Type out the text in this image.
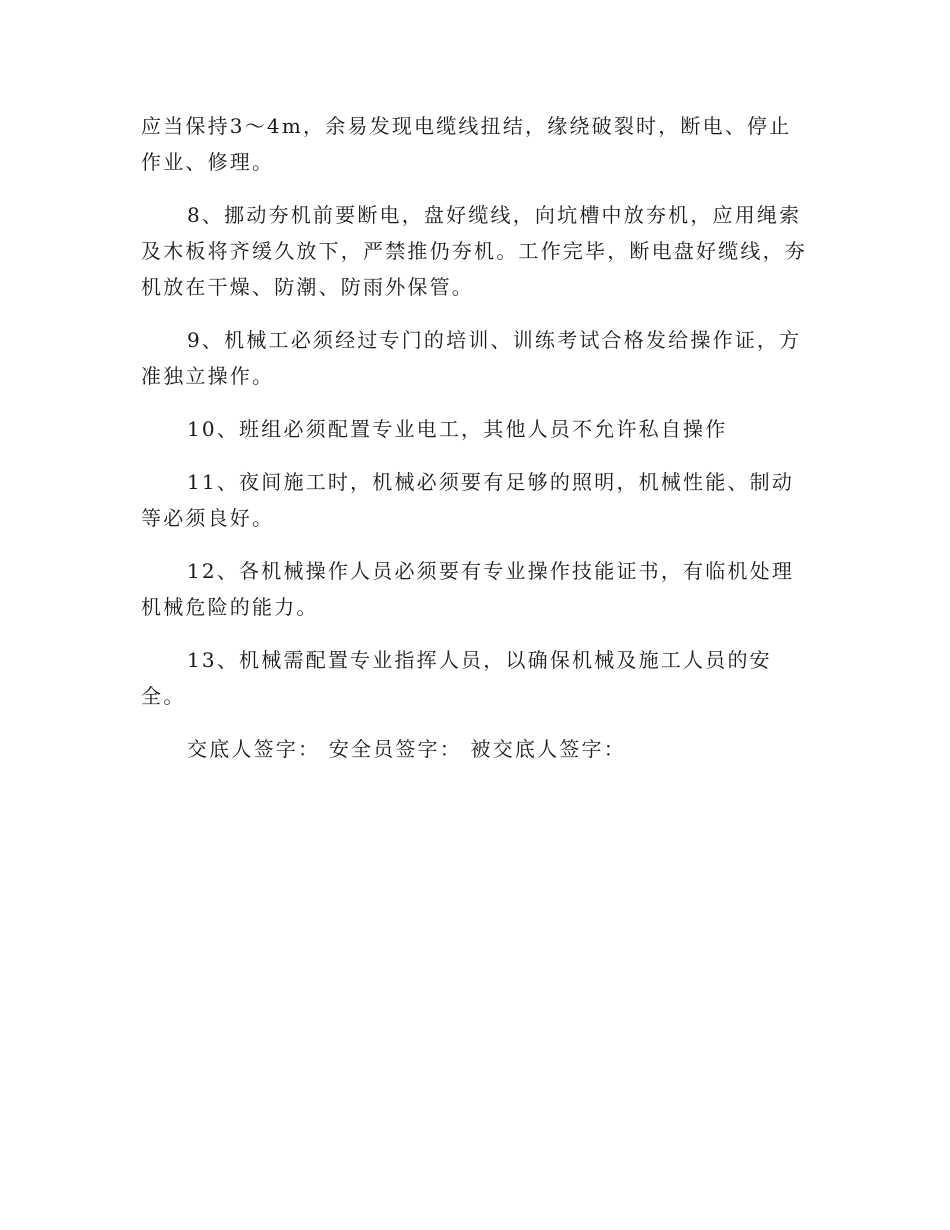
应当保持3～4m，余易发现电缆线扭结，缘绕破裂时，断电、停止作业、修理。

8、挪动夯机前要断电，盘好缆线，向坑槽中放夯机，应用绳索及木板将齐缓久放下，严禁推仍夯机。工作完毕，断电盘好缆线，夯机放在干燥、防潮、防雨外保管。

9、机械工必须经过专门的培训、训练考试合格发给操作证，方准独立操作。

10、班组必须配置专业电工，其他人员不允许私自操作

11、夜间施工时，机械必须要有足够的照明，机械性能、制动等必须良好。

12、各机械操作人员必须要有专业操作技能证书，有临机处理机械危险的能力。

13、机械需配置专业指挥人员，以确保机械及施工人员的安全。

交底人签字： 安全员签字： 被交底人签字：
